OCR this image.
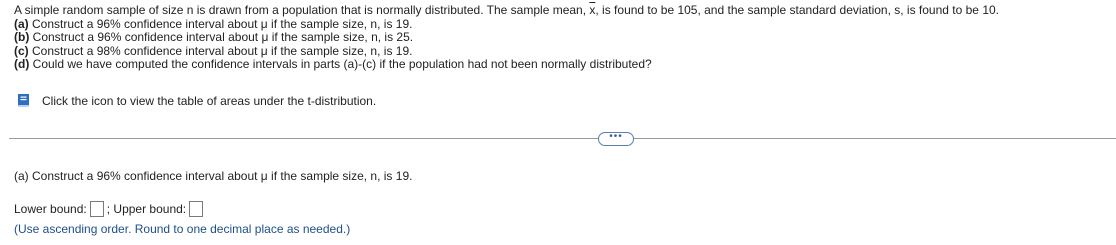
A simple random sample of size n is drawn from a population that is normally distributed. The sample mean, $\overline{x}$, is found to be 105, and the sample standard deviation, s, is found to be 10.
(a) Construct a 96% confidence interval about μ if the sample size, n, is 19.
(b) Construct a 96% confidence interval about μ if the sample size, n, is 25.
(c) Construct a 98% confidence interval about μ if the sample size, n, is 19.
(d) Could we have computed the confidence intervals in parts (a)-(c) if the population had not been normally distributed?
Click the icon to view the table of areas under the t-distribution.
•••
(a) Construct a 96% confidence interval about μ if the sample size, n, is 19.
Lower bound: ; Upper bound:
(Use ascending order. Round to one decimal place as needed.)
